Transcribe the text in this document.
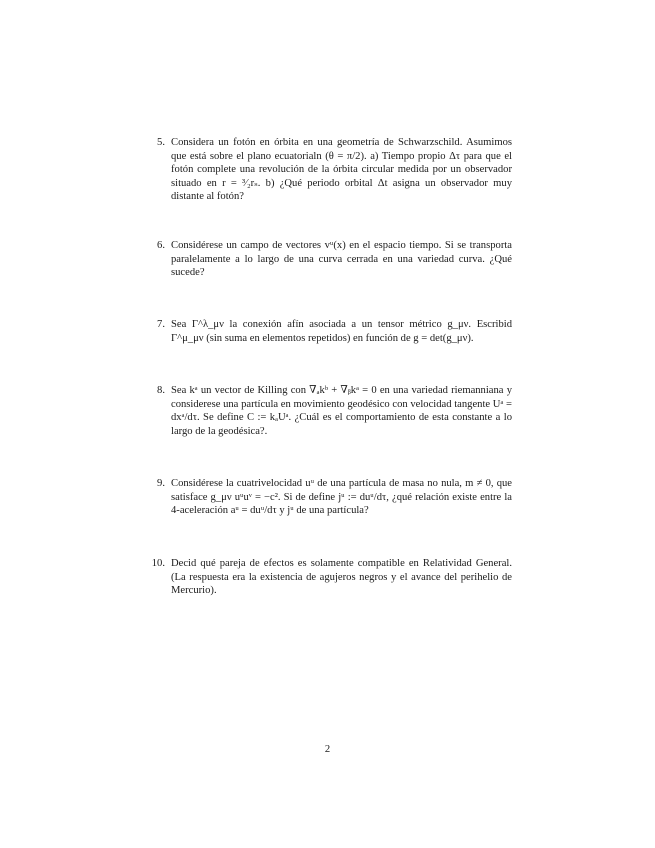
5. Considera un fotón en órbita en una geometría de Schwarzschild. Asumimos que está sobre el plano ecuatorialn (θ = π/2). a) Tiempo propio Δτ para que el fotón complete una revolución de la órbita circular medida por un observador situado en r = ³⁄₂rₛ. b) ¿Qué periodo orbital Δt asigna un observador muy distante al fotón?
6. Considérese un campo de vectores vᵘ(x) en el espacio tiempo. Si se transporta paralelamente a lo largo de una curva cerrada en una variedad curva. ¿Qué sucede?
7. Sea Γ^λ_μν la conexión afín asociada a un tensor métrico g_μν. Escribid Γ^μ_μν (sin suma en elementos repetidos) en función de g = det(g_μν).
8. Sea kᵃ un vector de Killing con ∇ₐkᵇ + ∇ᵦkᵃ = 0 en una variedad riemanniana y considerese una partícula en movimiento geodésico con velocidad tangente Uᵃ = dxᵃ/dτ. Se define C := kₐUᵃ. ¿Cuál es el comportamiento de esta constante a lo largo de la geodésica?.
9. Considérese la cuatrivelocidad uᵘ de una partícula de masa no nula, m ≠ 0, que satisface g_μν uᵘuᵛ = −c². Si de define jᵘ := duᵘ/dτ, ¿qué relación existe entre la 4-aceleración aᵘ = duᵘ/dτ y jᵘ de una partícula?
10. Decid qué pareja de efectos es solamente compatible en Relatividad General. (La respuesta era la existencia de agujeros negros y el avance del perihelio de Mercurio).
2
